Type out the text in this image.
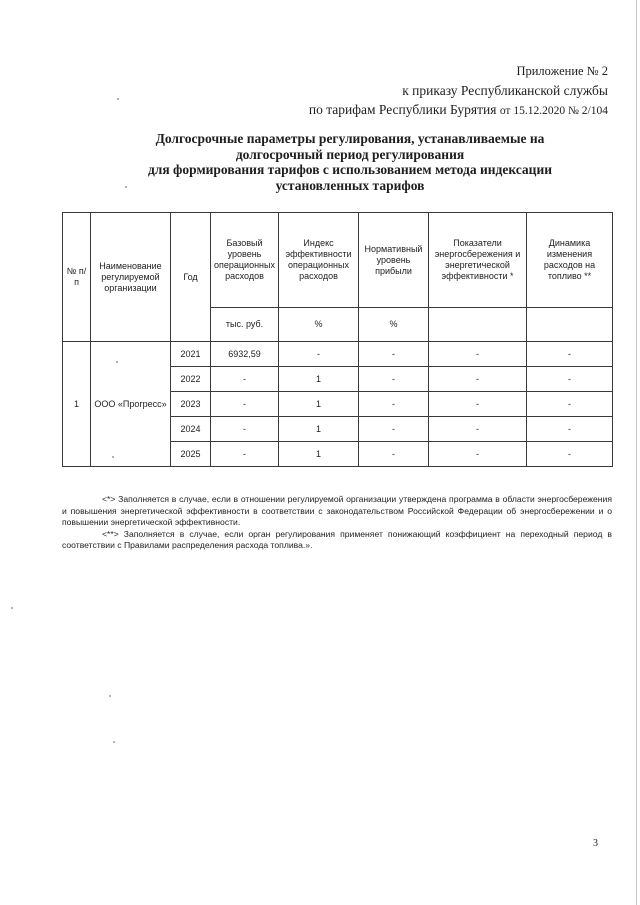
Приложение № 2
к приказу Республиканской службы
по тарифам Республики Бурятия от 15.12.2020 № 2/104
Долгосрочные параметры регулирования, устанавливаемые на
долгосрочный период регулирования
для формирования тарифов с использованием метода индексации
установленных тарифов
№ п/п	Наименование регулируемой организации	Год	Базовый уровень операционных расходов	Индекс эффективности операционных расходов	Нормативный уровень прибыли	Показатели энергосбережения и энергетической эффективности *	Динамика изменения расходов на топливо **
			тыс. руб.	%	%		
1	ООО «Прогресс»	2021	6932,59	-	-	-	-
		2022	-	1	-	-	-
		2023	-	1	-	-	-
		2024	-	1	-	-	-
		2025	-	1	-	-	-
<*> Заполняется в случае, если в отношении регулируемой организации утверждена программа в области энергосбережения и повышения энергетической эффективности в соответствии с законодательством Российской Федерации об энергосбережении и о повышении энергетической эффективности.
<**> Заполняется в случае, если орган регулирования применяет понижающий коэффициент на переходный период в соответствии с Правилами распределения расхода топлива.».
3
